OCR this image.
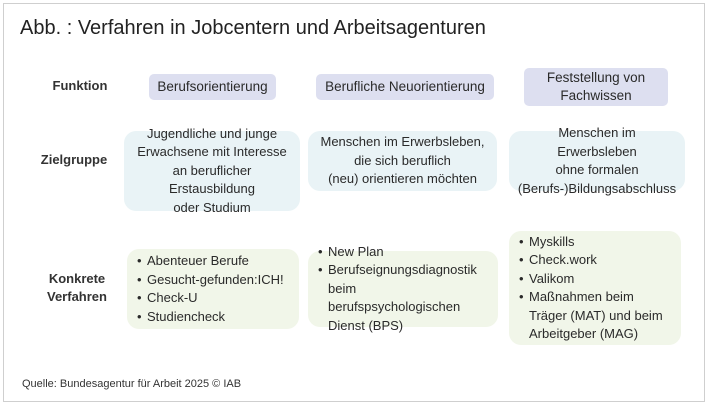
Abb. : Verfahren in Jobcentern und Arbeitsagenturen
Funktion
Zielgruppe
Konkrete
Verfahren
Berufsorientierung	Berufliche Neuorientierung
Feststellung von
Fachwissen
Jugendliche und junge
Erwachsene mit Interesse
an beruflicher Erstausbildung
oder Studium
Menschen im Erwerbsleben,
die sich beruflich
(neu) orientieren möchten
Menschen im Erwerbsleben
ohne formalen
(Berufs-)Bildungsabschluss
• Abenteuer Berufe
• Gesucht-gefunden:ICH!
• Check-U
• Studiencheck
• New Plan
• Berufseignungsdiagnostik beim berufspsychologischen Dienst (BPS)
• Myskills
• Check.work
• Valikom
• Maßnahmen beim Träger (MAT) und beim Arbeitgeber (MAG)
Quelle: Bundesagentur für Arbeit 2025 © IAB
